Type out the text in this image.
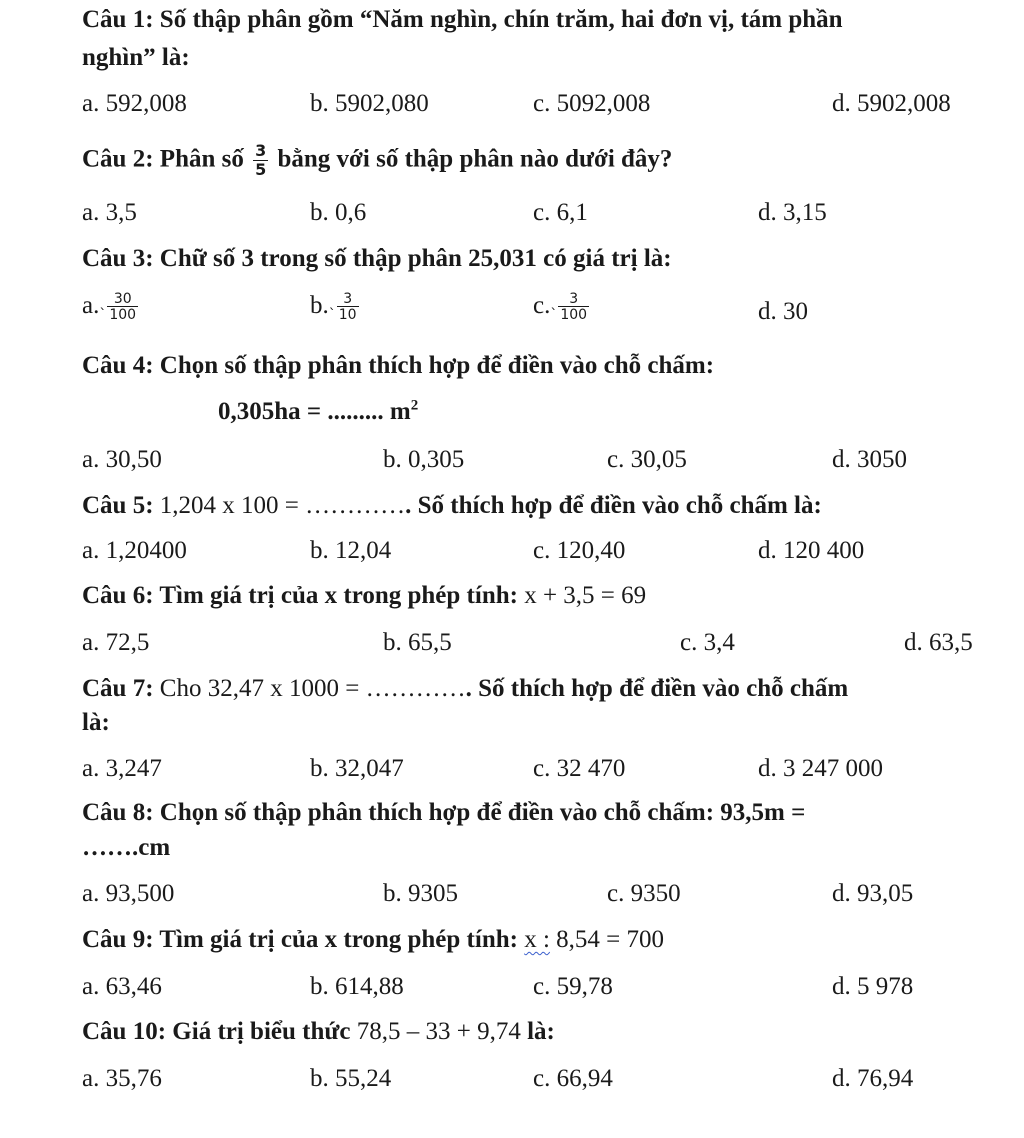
Câu 1: Số thập phân gồm “Năm nghìn, chín trăm, hai đơn vị, tám phần
nghìn” là:
a. 592,008	b. 5902,080	c. 5092,008	d. 5902,008
Câu 2: Phân số $\frac{3}{5}$ bằng với số thập phân nào dưới đây?
a. 3,5	b. 0,6	c. 6,1	d. 3,15
Câu 3: Chữ số 3 trong số thập phân 25,031 có giá trị là:
$a._` \frac{30}{100}$	$b._` \frac{3}{10}$	$c._` \frac{3}{100}$	d. 30
Câu 4: Chọn số thập phân thích hợp để điền vào chỗ chấm:
0,305ha = ......... $m^2$
a. 30,50	b. 0,305	c. 30,05	d. 3050
Câu 5: 1,204 x 100 = …………. Số thích hợp để điền vào chỗ chấm là:
a. 1,20400	b. 12,04	c. 120,40	d. 120 400
Câu 6: Tìm giá trị của x trong phép tính: x + 3,5 = 69
a. 72,5	b. 65,5	c. 3,4	d. 63,5
Câu 7: Cho 32,47 x 1000 = …………. Số thích hợp để điền vào chỗ chấm
là:
a. 3,247	b. 32,047	c. 32 470	d. 3 247 000
Câu 8: Chọn số thập phân thích hợp để điền vào chỗ chấm: 93,5m =
…….cm
a. 93,500	b. 9305	c. 9350	d. 93,05
Câu 9: Tìm giá trị của x trong phép tính: x : 8,54 = 700
a. 63,46	b. 614,88	c. 59,78	d. 5 978
Câu 10: Giá trị biểu thức 78,5 – 33 + 9,74 là:
a. 35,76	b. 55,24	c. 66,94	d. 76,94
